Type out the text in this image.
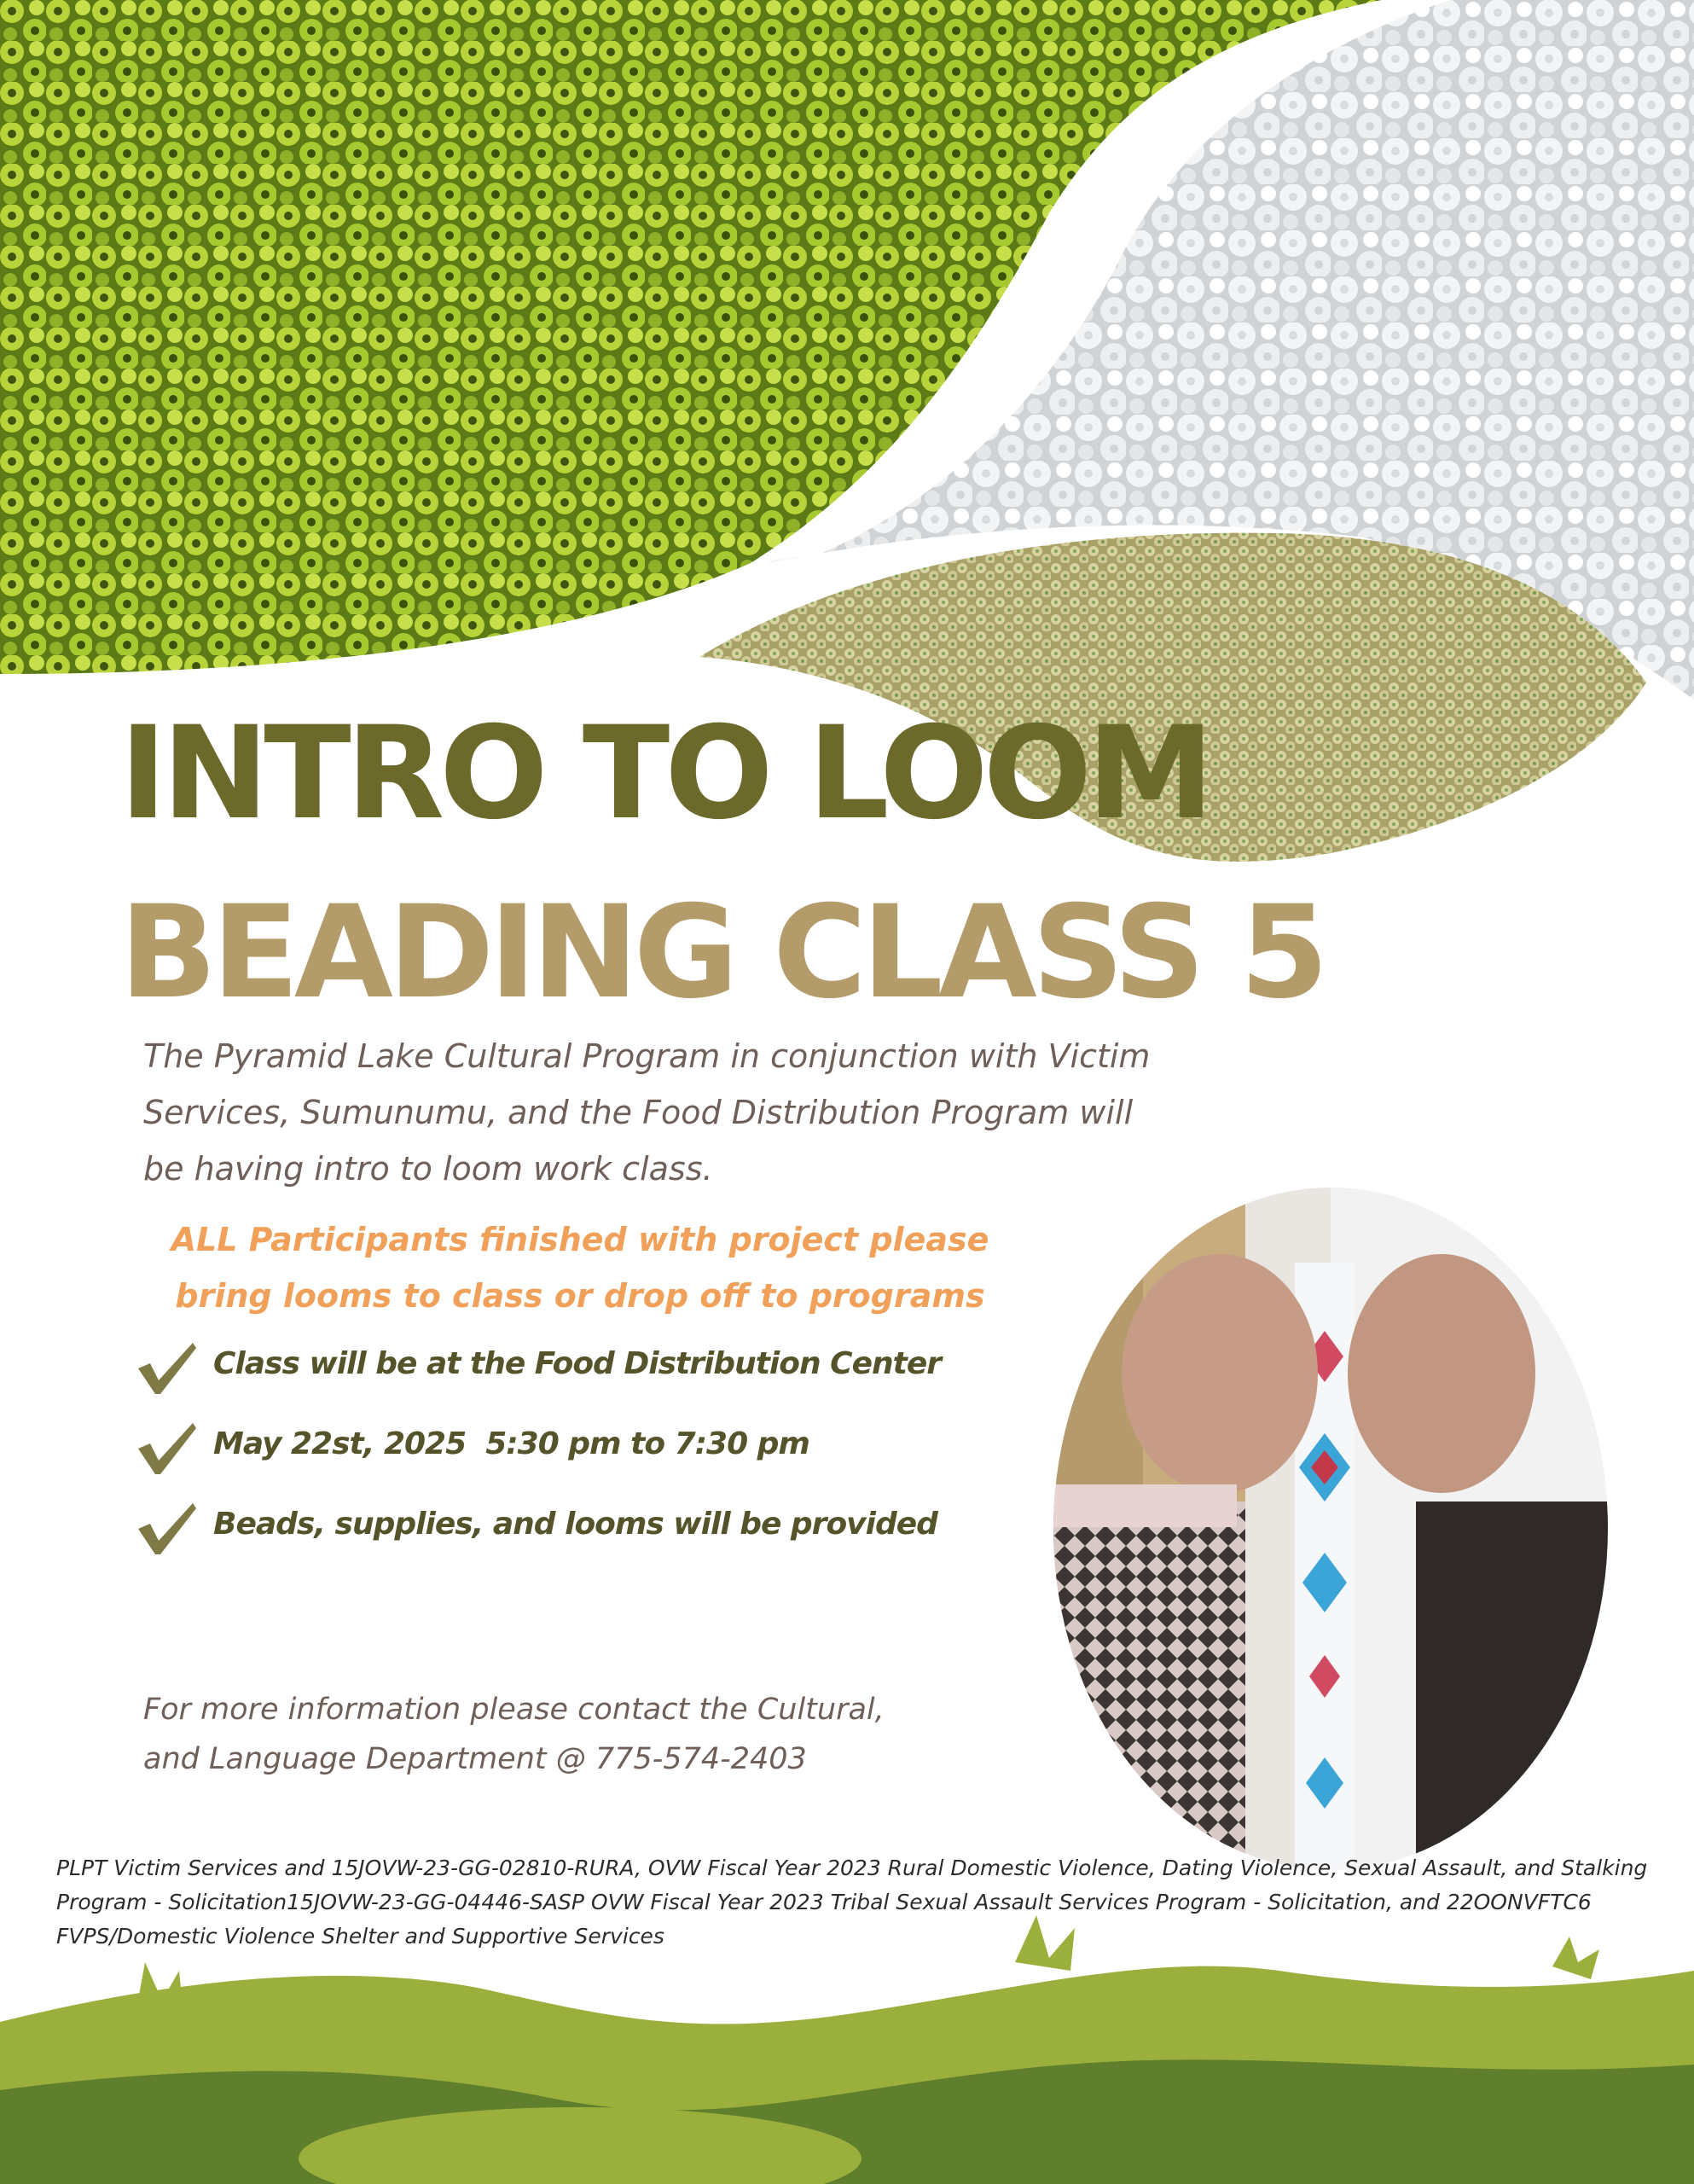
INTRO TO LOOM
BEADING CLASS 5
The Pyramid Lake Cultural Program in conjunction with Victim Services, Sumunumu, and the Food Distribution Program will be having intro to loom work class.
ALL Participants finished with project please bring looms to class or drop off to programs
Class will be at the Food Distribution Center
May 22st, 2025  5:30 pm to 7:30 pm
Beads, supplies, and looms will be provided
For more information please contact the Cultural,
and Language Department @ 775-574-2403
PLPT Victim Services and 15JOVW-23-GG-02810-RURA, OVW Fiscal Year 2023 Rural Domestic Violence, Dating Violence, Sexual Assault, and Stalking Program - Solicitation15JOVW-23-GG-04446-SASP OVW Fiscal Year 2023 Tribal Sexual Assault Services Program - Solicitation, and 22OONVFTC6 FVPS/Domestic Violence Shelter and Supportive Services
